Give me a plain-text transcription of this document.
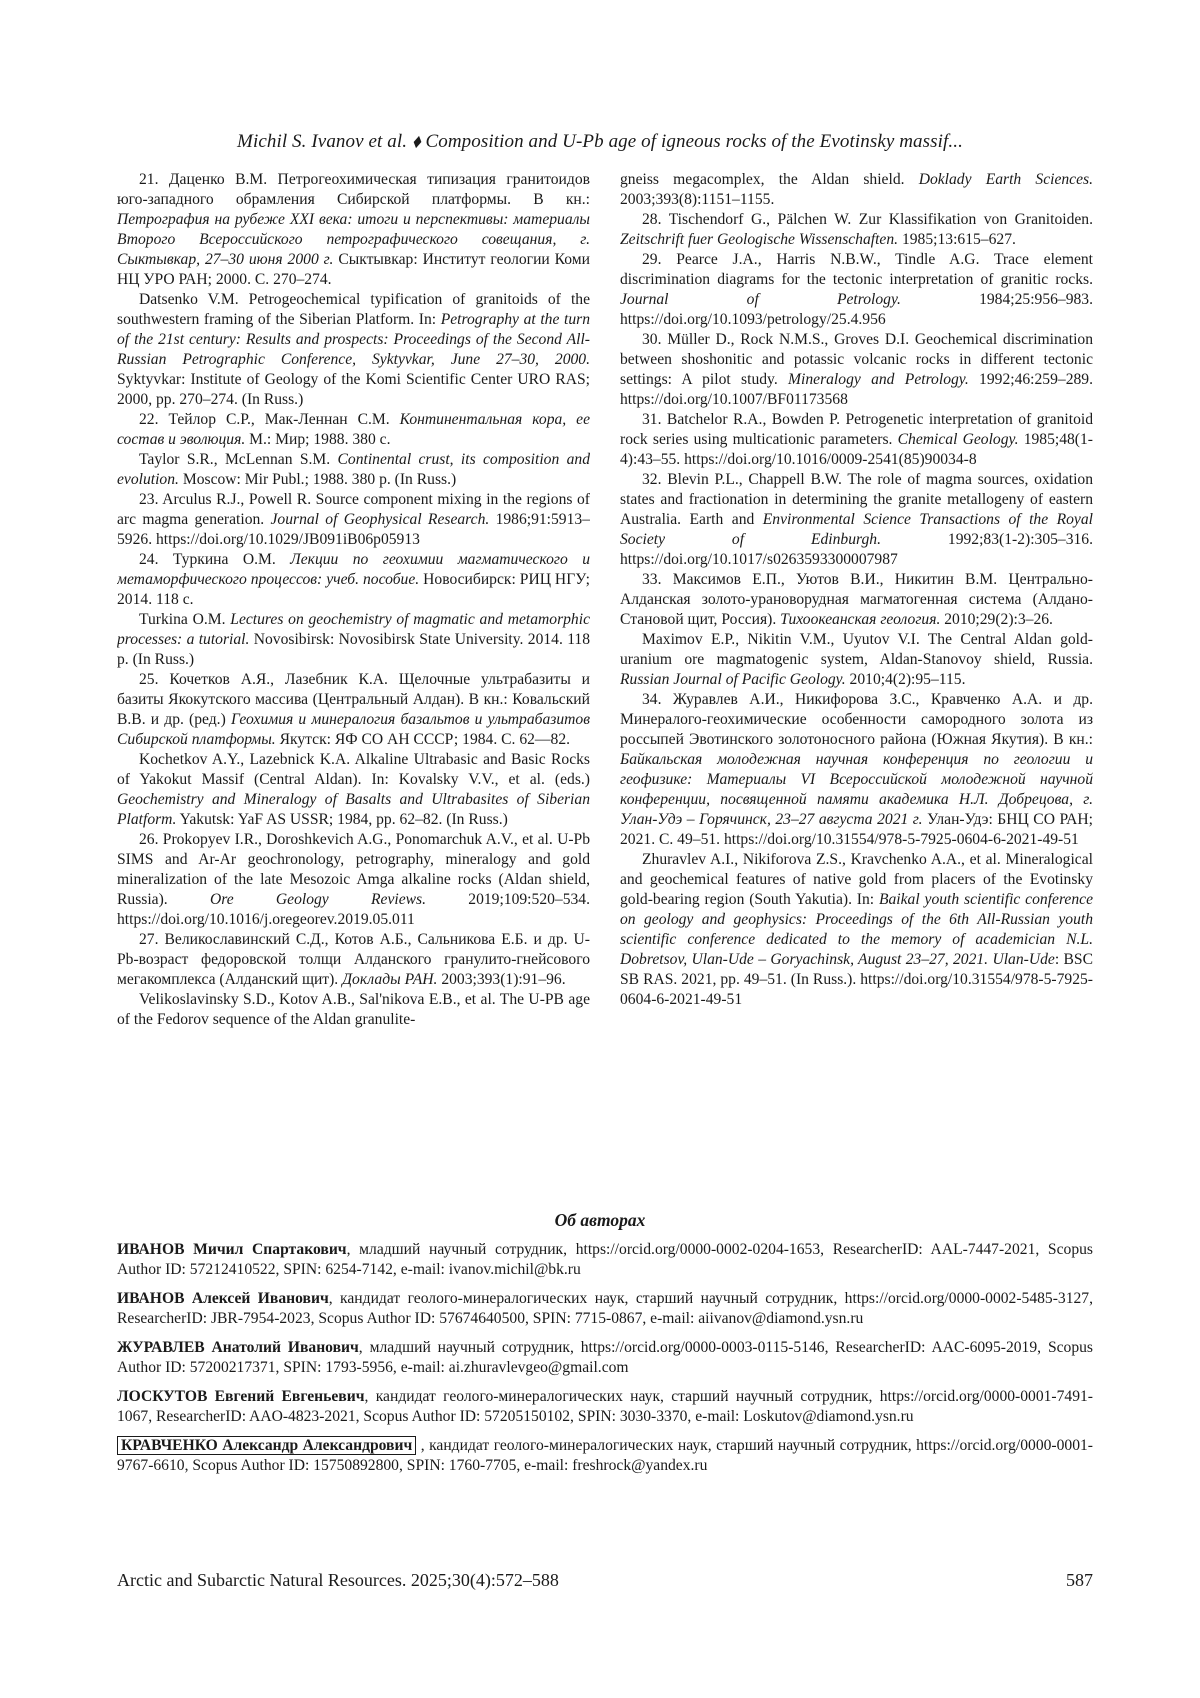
Michil S. Ivanov et al. ⬧ Composition and U-Pb age of igneous rocks of the Evotinsky massif...

21. Даценко В.М. Петрогеохимическая типизация гранитоидов юго-западного обрамления Сибирской платформы. В кн.: Петрография на рубеже XXI века: итоги и перспективы: материалы Второго Всероссийского петрографического совещания, г. Сыктывкар, 27–30 июня 2000 г. Сыктывкар: Институт геологии Коми НЦ УРО РАН; 2000. С. 270–274.

Datsenko V.M. Petrogeochemical typification of granitoids of the southwestern framing of the Siberian Platform. In: Petrography at the turn of the 21st century: Results and prospects: Proceedings of the Second All-Russian Petrographic Conference, Syktyvkar, June 27–30, 2000. Syktyvkar: Institute of Geology of the Komi Scientific Center URO RAS; 2000, pp. 270–274. (In Russ.)

22. Тейлор С.Р., Мак-Леннан С.М. Континентальная кора, ее состав и эволюция. М.: Мир; 1988. 380 с.

Taylor S.R., McLennan S.M. Continental crust, its composition and evolution. Moscow: Mir Publ.; 1988. 380 p. (In Russ.)

23. Arculus R.J., Powell R. Source component mixing in the regions of arc magma generation. Journal of Geophysical Research. 1986;91:5913–5926. https://doi.org/10.1029/JB091iB06p05913

24. Туркина О.М. Лекции по геохимии магматического и метаморфического процессов: учеб. пособие. Новосибирск: РИЦ НГУ; 2014. 118 с.

Turkina O.M. Lectures on geochemistry of magmatic and metamorphic processes: a tutorial. Novosibirsk: Novosibirsk State University. 2014. 118 p. (In Russ.)

25. Кочетков А.Я., Лазебник К.А. Щелочные ультрабазиты и базиты Якокутского массива (Центральный Алдан). В кн.: Ковальский В.В. и др. (ред.) Геохимия и минералогия базальтов и ультрабазитов Сибирской платформы. Якутск: ЯФ СО АН СССР; 1984. С. 62—82.

Kochetkov A.Y., Lazebnick K.A. Alkaline Ultrabasic and Basic Rocks of Yakokut Massif (Central Aldan). In: Kovalsky V.V., et al. (eds.) Geochemistry and Mineralogy of Basalts and Ultrabasites of Siberian Platform. Yakutsk: YaF AS USSR; 1984, pp. 62–82. (In Russ.)

26. Prokopyev I.R., Doroshkevich A.G., Ponomarchuk A.V., et al. U-Pb SIMS and Ar-Ar geochronology, petrography, mineralogy and gold mineralization of the late Mesozoic Amga alkaline rocks (Aldan shield, Russia). Ore Geology Reviews. 2019;109:520–534. https://doi.org/10.1016/j.oregeorev.2019.05.011

27. Великославинский С.Д., Котов А.Б., Сальникова Е.Б. и др. U-Pb-возраст федоровской толщи Алданского гранулито-гнейсового мегакомплекса (Алданский щит). Доклады РАН. 2003;393(1):91–96.

Velikoslavinsky S.D., Kotov A.B., Sal'nikova E.B., et al. The U-PB age of the Fedorov sequence of the Aldan granulite-

gneiss megacomplex, the Aldan shield. Doklady Earth Sciences. 2003;393(8):1151–1155.

28. Tischendorf G., Pälchen W. Zur Klassifikation von Granitoiden. Zeitschrift fuer Geologische Wissenschaften. 1985;13:615–627.

29. Pearce J.A., Harris N.B.W., Tindle A.G. Trace element discrimination diagrams for the tectonic interpretation of granitic rocks. Journal of Petrology. 1984;25:956–983. https://doi.org/10.1093/petrology/25.4.956

30. Müller D., Rock N.M.S., Groves D.I. Geochemical discrimination between shoshonitic and potassic volcanic rocks in different tectonic settings: A pilot study. Mineralogy and Petrology. 1992;46:259–289. https://doi.org/10.1007/BF01173568

31. Batchelor R.A., Bowden P. Petrogenetic interpretation of granitoid rock series using multicationic parameters. Chemical Geology. 1985;48(1-4):43–55. https://doi.org/10.1016/0009-2541(85)90034-8

32. Blevin P.L., Chappell B.W. The role of magma sources, oxidation states and fractionation in determining the granite metallogeny of eastern Australia. Earth and Environmental Science Transactions of the Royal Society of Edinburgh. 1992;83(1-2):305–316. https://doi.org/10.1017/s0263593300007987

33. Максимов Е.П., Уютов В.И., Никитин В.М. Центрально-Алданская золото-урановорудная магматогенная система (Алдано-Становой щит, Россия). Тихоокеанская геология. 2010;29(2):3–26.

Maximov E.P., Nikitin V.M., Uyutov V.I. The Central Aldan gold-uranium ore magmatogenic system, Aldan-Stanovoy shield, Russia. Russian Journal of Pacific Geology. 2010;4(2):95–115.

34. Журавлев А.И., Никифорова З.С., Кравченко А.А. и др. Минералого-геохимические особенности самородного золота из россыпей Эвотинского золотоносного района (Южная Якутия). В кн.: Байкальская молодежная научная конференция по геологии и геофизике: Материалы VI Всероссийской молодежной научной конференции, посвященной памяти академика Н.Л. Добрецова, г. Улан-Удэ – Горячинск, 23–27 августа 2021 г. Улан-Удэ: БНЦ СО РАН; 2021. С. 49–51. https://doi.org/10.31554/978-5-7925-0604-6-2021-49-51

Zhuravlev A.I., Nikiforova Z.S., Kravchenko A.A., et al. Mineralogical and geochemical features of native gold from placers of the Evotinsky gold-bearing region (South Yakutia). In: Baikal youth scientific conference on geology and geophysics: Proceedings of the 6th All-Russian youth scientific conference dedicated to the memory of academician N.L. Dobretsov, Ulan-Ude – Goryachinsk, August 23–27, 2021. Ulan-Ude: BSC SB RAS. 2021, pp. 49–51. (In Russ.). https://doi.org/10.31554/978-5-7925-0604-6-2021-49-51

Об авторах

ИВАНОВ Мичил Спартакович, младший научный сотрудник, https://orcid.org/0000-0002-0204-1653, ResearcherID: AAL-7447-2021, Scopus Author ID: 57212410522, SPIN: 6254-7142, e-mail: ivanov.michil@bk.ru

ИВАНОВ Алексей Иванович, кандидат геолого-минералогических наук, старший научный сотрудник, https://orcid.org/0000-0002-5485-3127, ResearcherID: JBR-7954-2023, Scopus Author ID: 57674640500, SPIN: 7715-0867, e-mail: aiivanov@diamond.ysn.ru

ЖУРАВЛЕВ Анатолий Иванович, младший научный сотрудник, https://orcid.org/0000-0003-0115-5146, ResearcherID: AAC-6095-2019, Scopus Author ID: 57200217371, SPIN: 1793-5956, e-mail: ai.zhuravlevgeo@gmail.com

ЛОСКУТОВ Евгений Евгеньевич, кандидат геолого-минералогических наук, старший научный сотрудник, https://orcid.org/0000-0001-7491-1067, ResearcherID: AAO-4823-2021, Scopus Author ID: 57205150102, SPIN: 3030-3370, e-mail: Loskutov@diamond.ysn.ru

КРАВЧЕНКО Александр Александрович , кандидат геолого-минералогических наук, старший научный сотрудник, https://orcid.org/0000-0001-9767-6610, Scopus Author ID: 15750892800, SPIN: 1760-7705, e-mail: freshrock@yandex.ru

Arctic and Subarctic Natural Resources. 2025;30(4):572–588	587
